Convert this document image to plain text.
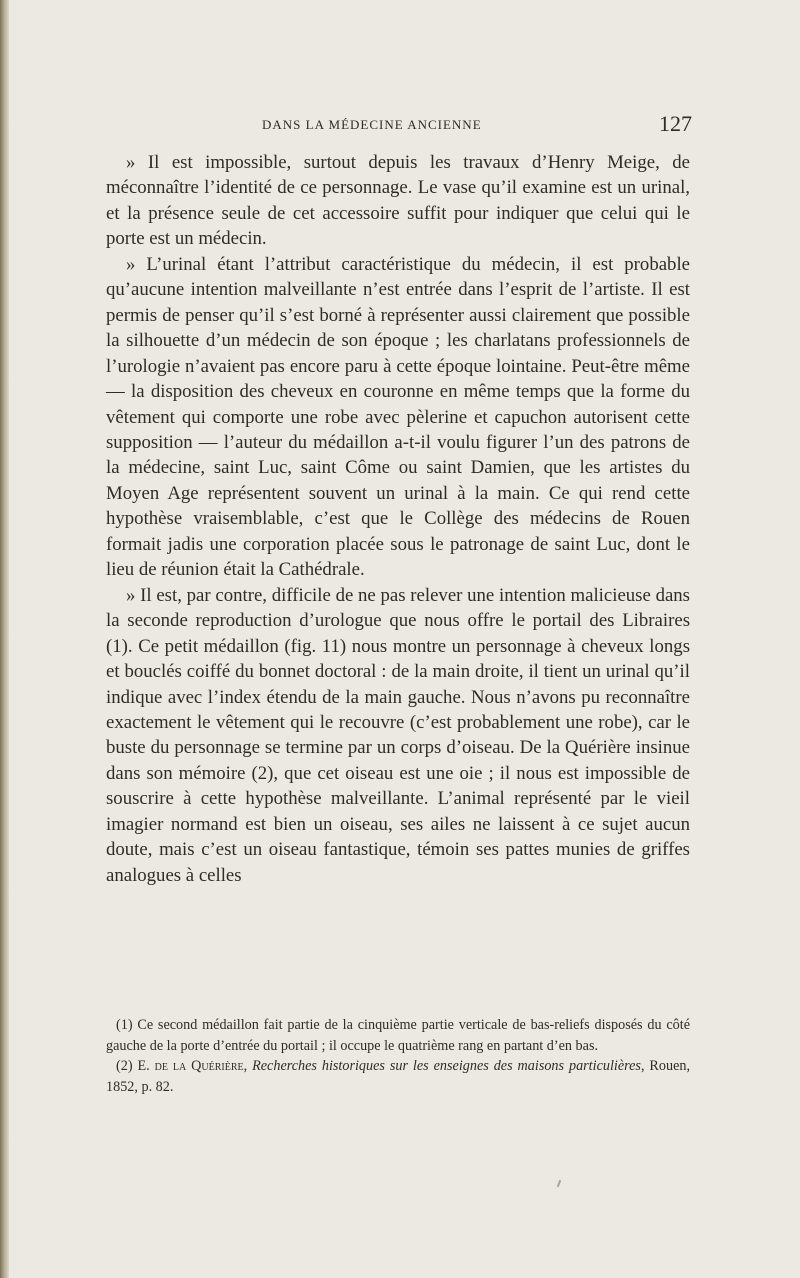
DANS LA MÉDECINE ANCIENNE	127

» Il est impossible, surtout depuis les travaux d’Henry Meige, de méconnaître l’identité de ce personnage. Le vase qu’il examine est un urinal, et la présence seule de cet accessoire suffit pour indiquer que celui qui le porte est un médecin.

» L’urinal étant l’attribut caractéristique du médecin, il est probable qu’aucune intention malveillante n’est entrée dans l’esprit de l’artiste. Il est permis de penser qu’il s’est borné à représenter aussi clairement que possible la silhouette d’un médecin de son époque ; les charlatans professionnels de l’urologie n’avaient pas encore paru à cette époque lointaine. Peut-être même — la disposition des cheveux en couronne en même temps que la forme du vêtement qui comporte une robe avec pèlerine et capuchon autorisent cette supposition — l’auteur du médaillon a-t-il voulu figurer l’un des patrons de la médecine, saint Luc, saint Côme ou saint Damien, que les artistes du Moyen Age représentent souvent un urinal à la main. Ce qui rend cette hypothèse vraisemblable, c’est que le Collège des médecins de Rouen formait jadis une corporation placée sous le patronage de saint Luc, dont le lieu de réunion était la Cathédrale.

» Il est, par contre, difficile de ne pas relever une intention malicieuse dans la seconde reproduction d’urologue que nous offre le portail des Libraires (1). Ce petit médaillon (fig. 11) nous montre un personnage à cheveux longs et bouclés coiffé du bonnet doctoral : de la main droite, il tient un urinal qu’il indique avec l’index étendu de la main gauche. Nous n’avons pu reconnaître exactement le vêtement qui le recouvre (c’est probablement une robe), car le buste du personnage se termine par un corps d’oiseau. De la Quérière insinue dans son mémoire (2), que cet oiseau est une oie ; il nous est impossible de souscrire à cette hypothèse malveillante. L’animal représenté par le vieil imagier normand est bien un oiseau, ses ailes ne laissent à ce sujet aucun doute, mais c’est un oiseau fantastique, témoin ses pattes munies de griffes analogues à celles

(1) Ce second médaillon fait partie de la cinquième partie verticale de bas-reliefs disposés du côté gauche de la porte d’entrée du portail ; il occupe le quatrième rang en partant d’en bas.

(2) E. de la Quérière, Recherches historiques sur les enseignes des maisons particulières, Rouen, 1852, p. 82.
